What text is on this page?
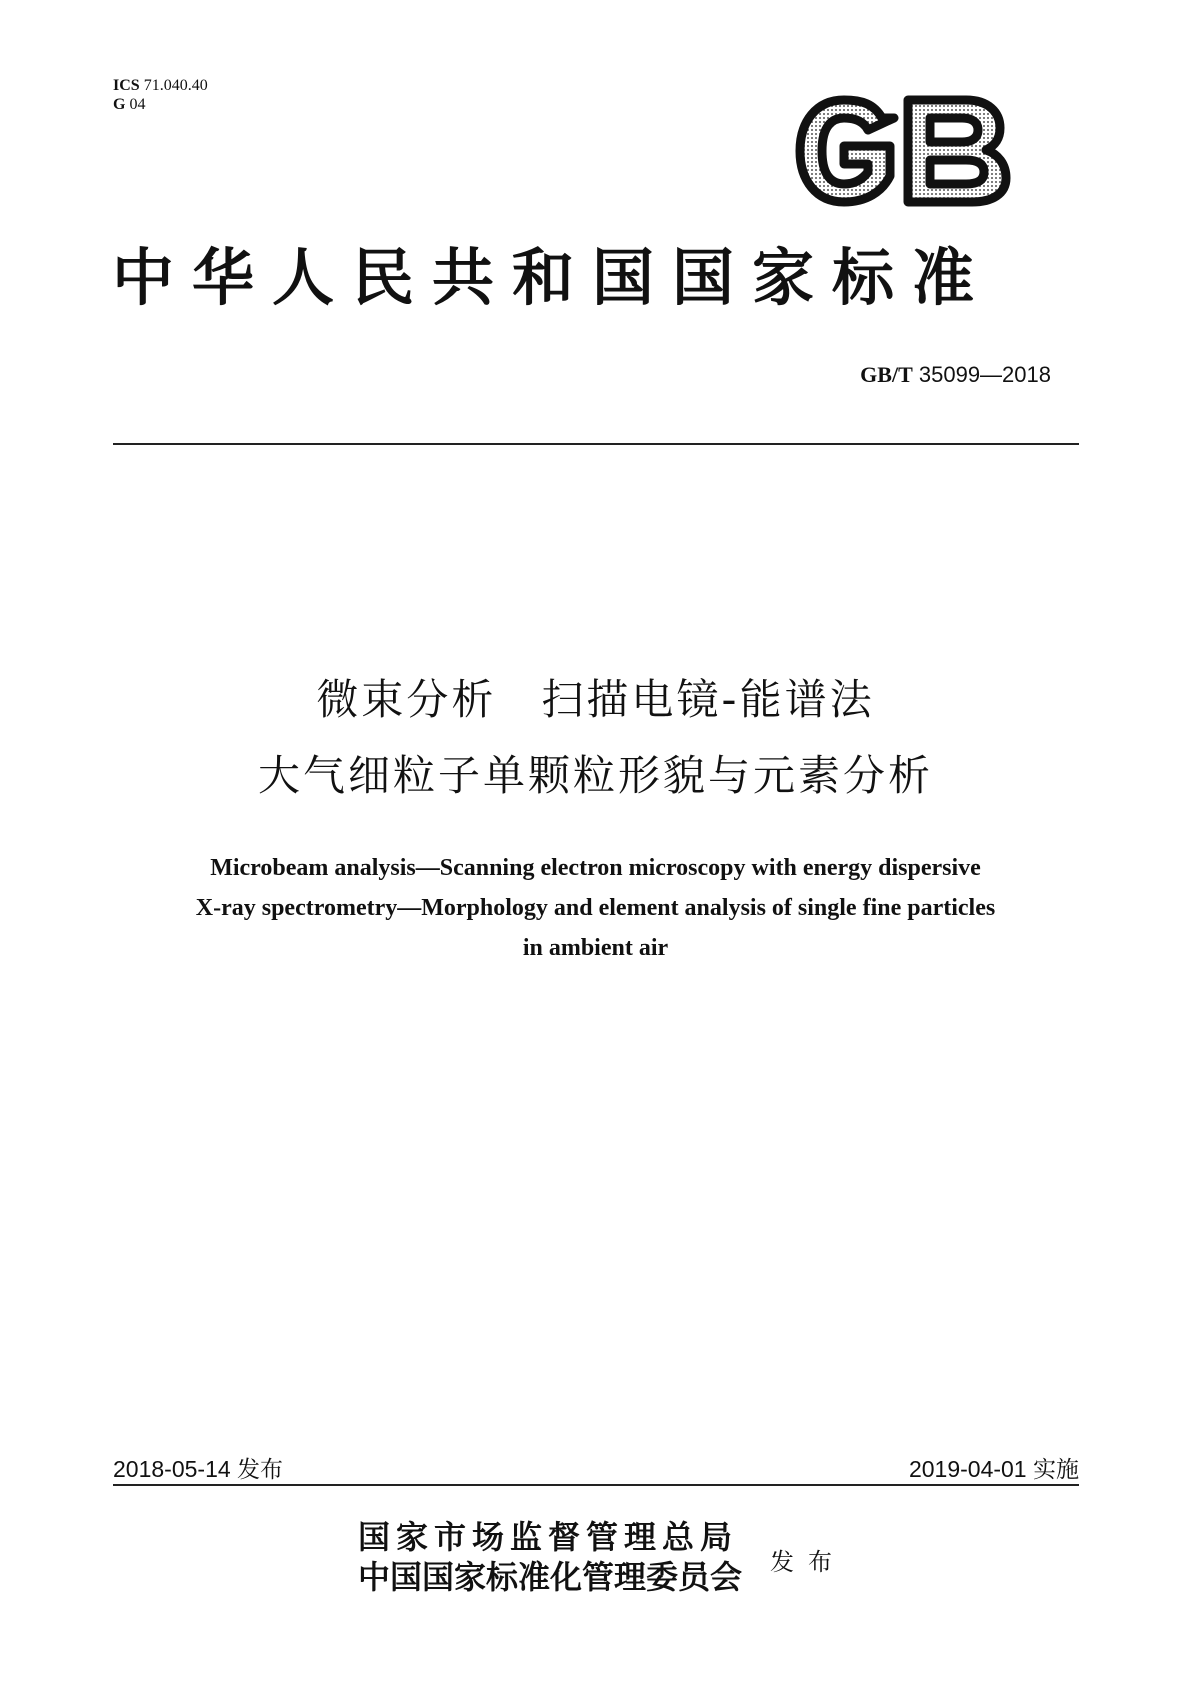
ICS 71.040.40
G 04
中华人民共和国国家标准
GB/T 35099—2018
微束分析　扫描电镜-能谱法
大气细粒子单颗粒形貌与元素分析
Microbeam analysis—Scanning electron microscopy with energy dispersive
X-ray spectrometry—Morphology and element analysis of single fine particles
in ambient air
2018-05-14 发布	2019-04-01 实施
国家市场监督管理总局
中国国家标准化管理委员会 发布
